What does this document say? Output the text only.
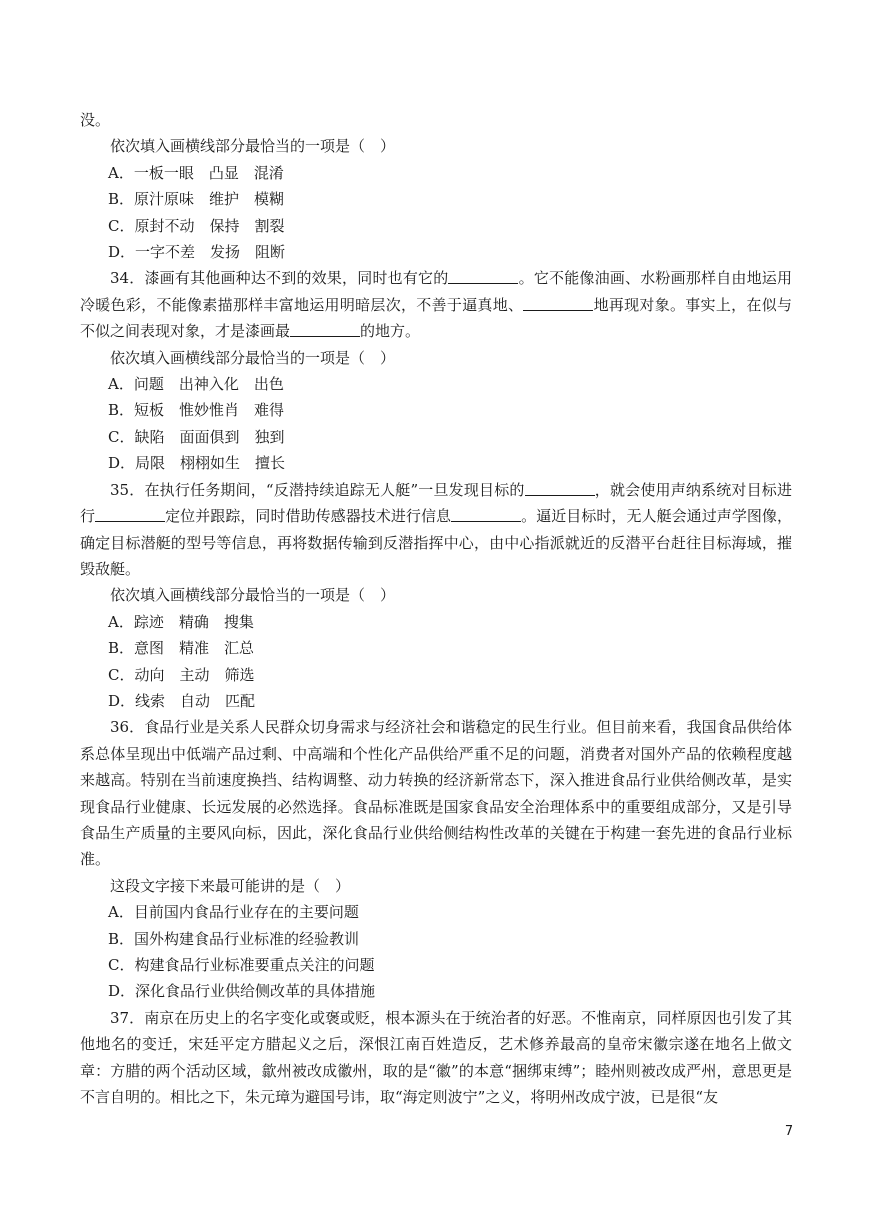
没。

依次填入画横线部分最恰当的一项是（　）

A．一板一眼　凸显　混淆

B．原汁原味　维护　模糊

C．原封不动　保持　割裂

D．一字不差　发扬　阻断

34．漆画有其他画种达不到的效果，同时也有它的	。它不能像油画、水粉画那样自由地运用冷暖色彩，不能像素描那样丰富地运用明暗层次，不善于逼真地、	地再现对象。事实上，在似与不似之间表现对象，才是漆画最	的地方。

依次填入画横线部分最恰当的一项是（　）

A．问题　出神入化　出色

B．短板　惟妙惟肖　难得

C．缺陷　面面俱到　独到

D．局限　栩栩如生　擅长

35．在执行任务期间，“反潜持续追踪无人艇”一旦发现目标的	，就会使用声纳系统对目标进行	定位并跟踪，同时借助传感器技术进行信息	。逼近目标时，无人艇会通过声学图像，确定目标潜艇的型号等信息，再将数据传输到反潜指挥中心，由中心指派就近的反潜平台赶往目标海域，摧毁敌艇。

依次填入画横线部分最恰当的一项是（　）

A．踪迹　精确　搜集

B．意图　精准　汇总

C．动向　主动　筛选

D．线索　自动　匹配

36．食品行业是关系人民群众切身需求与经济社会和谐稳定的民生行业。但目前来看，我国食品供给体系总体呈现出中低端产品过剩、中高端和个性化产品供给严重不足的问题，消费者对国外产品的依赖程度越来越高。特别在当前速度换挡、结构调整、动力转换的经济新常态下，深入推进食品行业供给侧改革，是实现食品行业健康、长远发展的必然选择。食品标准既是国家食品安全治理体系中的重要组成部分，又是引导食品生产质量的主要风向标，因此，深化食品行业供给侧结构性改革的关键在于构建一套先进的食品行业标准。

这段文字接下来最可能讲的是（　）

A．目前国内食品行业存在的主要问题

B．国外构建食品行业标准的经验教训

C．构建食品行业标准要重点关注的问题

D．深化食品行业供给侧改革的具体措施

37．南京在历史上的名字变化或褒或贬，根本源头在于统治者的好恶。不惟南京，同样原因也引发了其他地名的变迁，宋廷平定方腊起义之后，深恨江南百姓造反，艺术修养最高的皇帝宋徽宗遂在地名上做文章：方腊的两个活动区域，歙州被改成徽州，取的是“徽”的本意“捆绑束缚”；睦州则被改成严州，意思更是不言自明的。相比之下，朱元璋为避国号讳，取“海定则波宁”之义，将明州改成宁波，已是很“友

7
